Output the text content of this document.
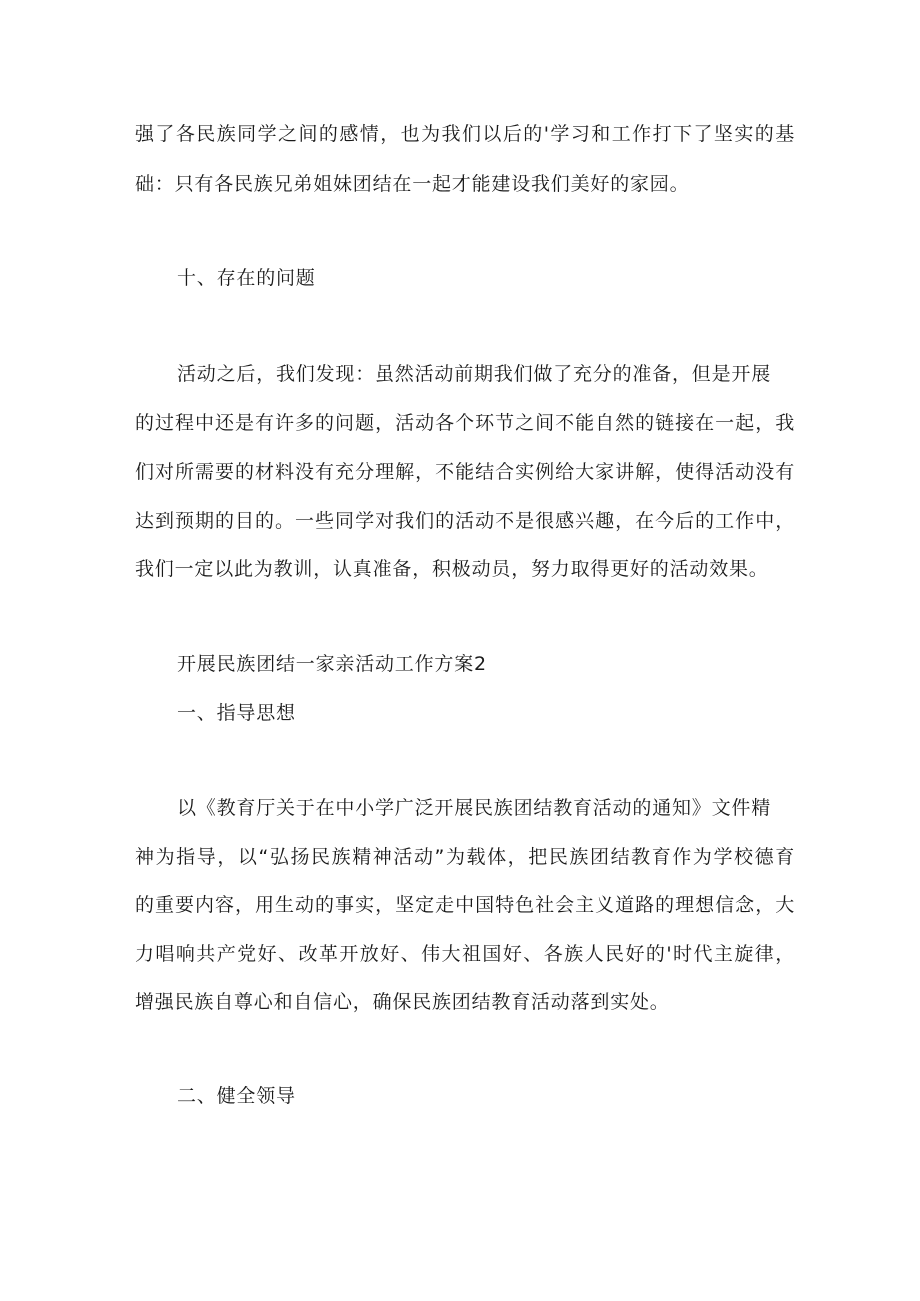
强了各民族同学之间的感情，也为我们以后的'学习和工作打下了坚实的基
础：只有各民族兄弟姐妹团结在一起才能建设我们美好的家园。
十、存在的问题
活动之后，我们发现：虽然活动前期我们做了充分的准备，但是开展
的过程中还是有许多的问题，活动各个环节之间不能自然的链接在一起，我
们对所需要的材料没有充分理解，不能结合实例给大家讲解，使得活动没有
达到预期的目的。一些同学对我们的活动不是很感兴趣，在今后的工作中，
我们一定以此为教训，认真准备，积极动员，努力取得更好的活动效果。
开展民族团结一家亲活动工作方案2
一、指导思想
以《教育厅关于在中小学广泛开展民族团结教育活动的通知》文件精
神为指导，以“弘扬民族精神活动”为载体，把民族团结教育作为学校德育
的重要内容，用生动的事实，坚定走中国特色社会主义道路的理想信念，大
力唱响共产党好、改革开放好、伟大祖国好、各族人民好的'时代主旋律，
增强民族自尊心和自信心，确保民族团结教育活动落到实处。
二、健全领导
